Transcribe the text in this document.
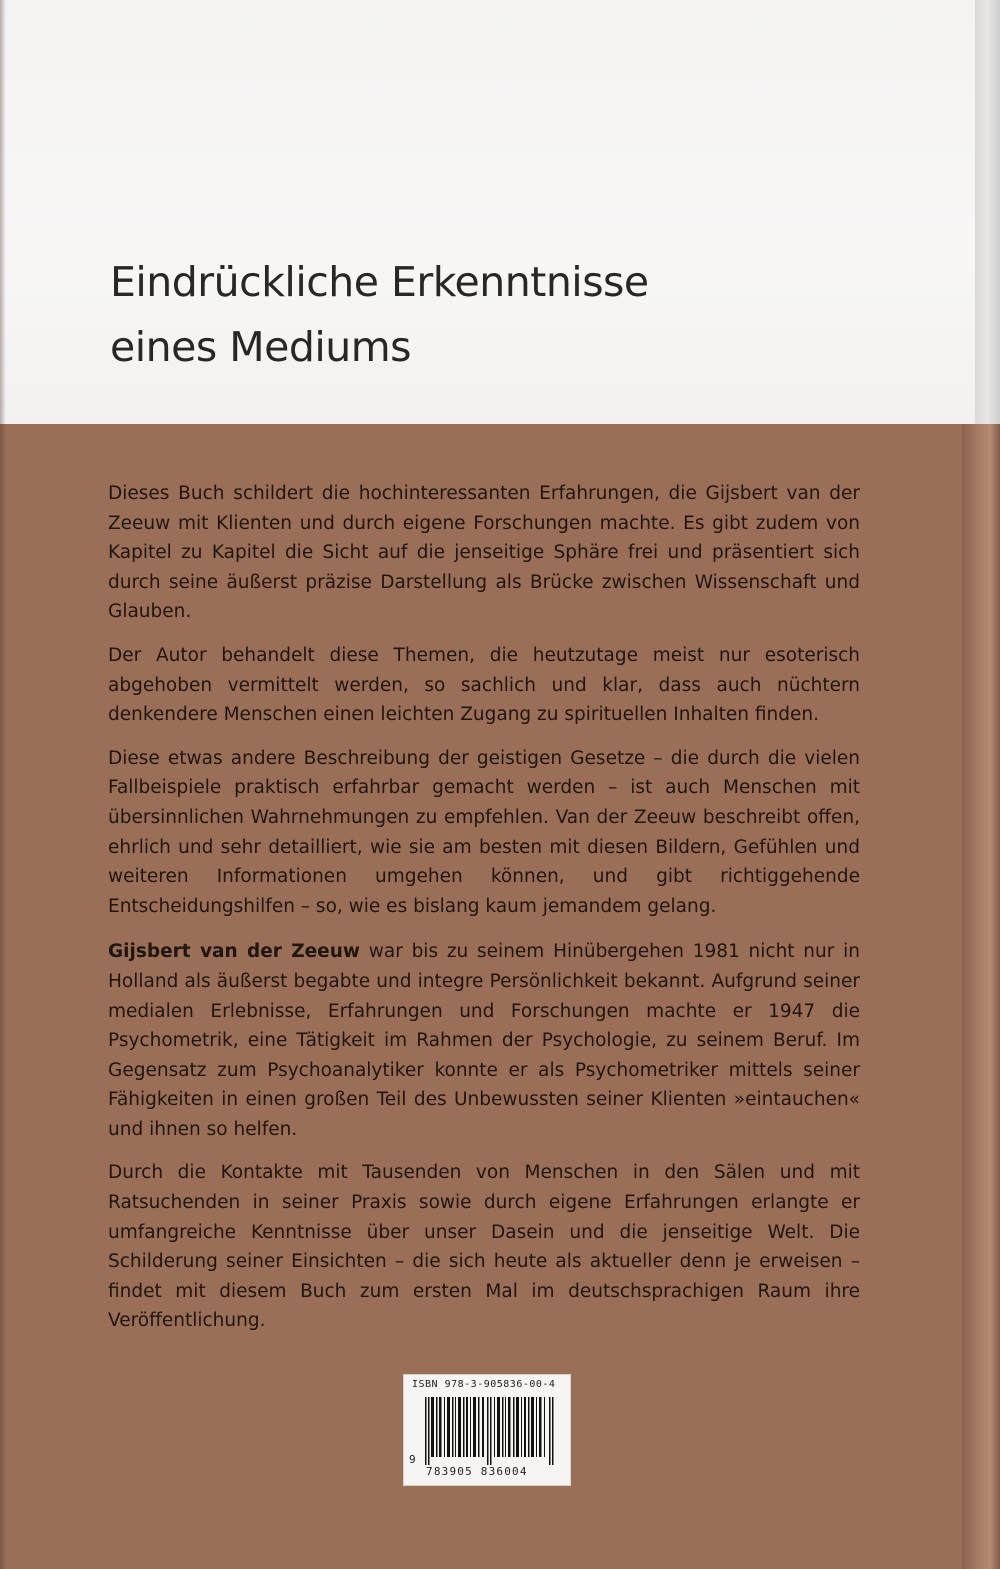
Eindrückliche Erkenntnisse
eines Mediums

Dieses Buch schildert die hochinteressanten Erfahrungen, die Gijsbert van der Zeeuw mit Klienten und durch eigene Forschungen machte. Es gibt zudem von Kapitel zu Kapitel die Sicht auf die jenseitige Sphäre frei und präsentiert sich durch seine äußerst präzise Darstellung als Brücke zwischen Wissenschaft und Glauben.

Der Autor behandelt diese Themen, die heutzutage meist nur esoterisch abgehoben vermittelt werden, so sachlich und klar, dass auch nüchtern denkendere Menschen einen leichten Zugang zu spirituellen Inhalten finden.

Diese etwas andere Beschreibung der geistigen Gesetze – die durch die vielen Fallbeispiele praktisch erfahrbar gemacht werden – ist auch Menschen mit übersinnlichen Wahrnehmungen zu empfehlen. Van der Zeeuw beschreibt offen, ehrlich und sehr detailliert, wie sie am besten mit diesen Bildern, Gefühlen und weiteren Informationen umgehen können, und gibt richtiggehende Entscheidungshilfen – so, wie es bislang kaum jemandem gelang.

Gijsbert van der Zeeuw war bis zu seinem Hinübergehen 1981 nicht nur in Holland als äußerst begabte und integre Persönlichkeit bekannt. Aufgrund seiner medialen Erlebnisse, Erfahrungen und Forschungen machte er 1947 die Psychometrik, eine Tätigkeit im Rahmen der Psychologie, zu seinem Beruf. Im Gegensatz zum Psychoanalytiker konnte er als Psychometriker mittels seiner Fähigkeiten in einen großen Teil des Unbewussten seiner Klienten »eintauchen« und ihnen so helfen.

Durch die Kontakte mit Tausenden von Menschen in den Sälen und mit Ratsuchenden in seiner Praxis sowie durch eigene Erfahrungen erlangte er umfangreiche Kenntnisse über unser Dasein und die jenseitige Welt. Die Schilderung seiner Einsichten – die sich heute als aktueller denn je erweisen – findet mit diesem Buch zum ersten Mal im deutschsprachigen Raum ihre Veröffentlichung.

ISBN 978-3-905836-00-4
9
783905 836004
